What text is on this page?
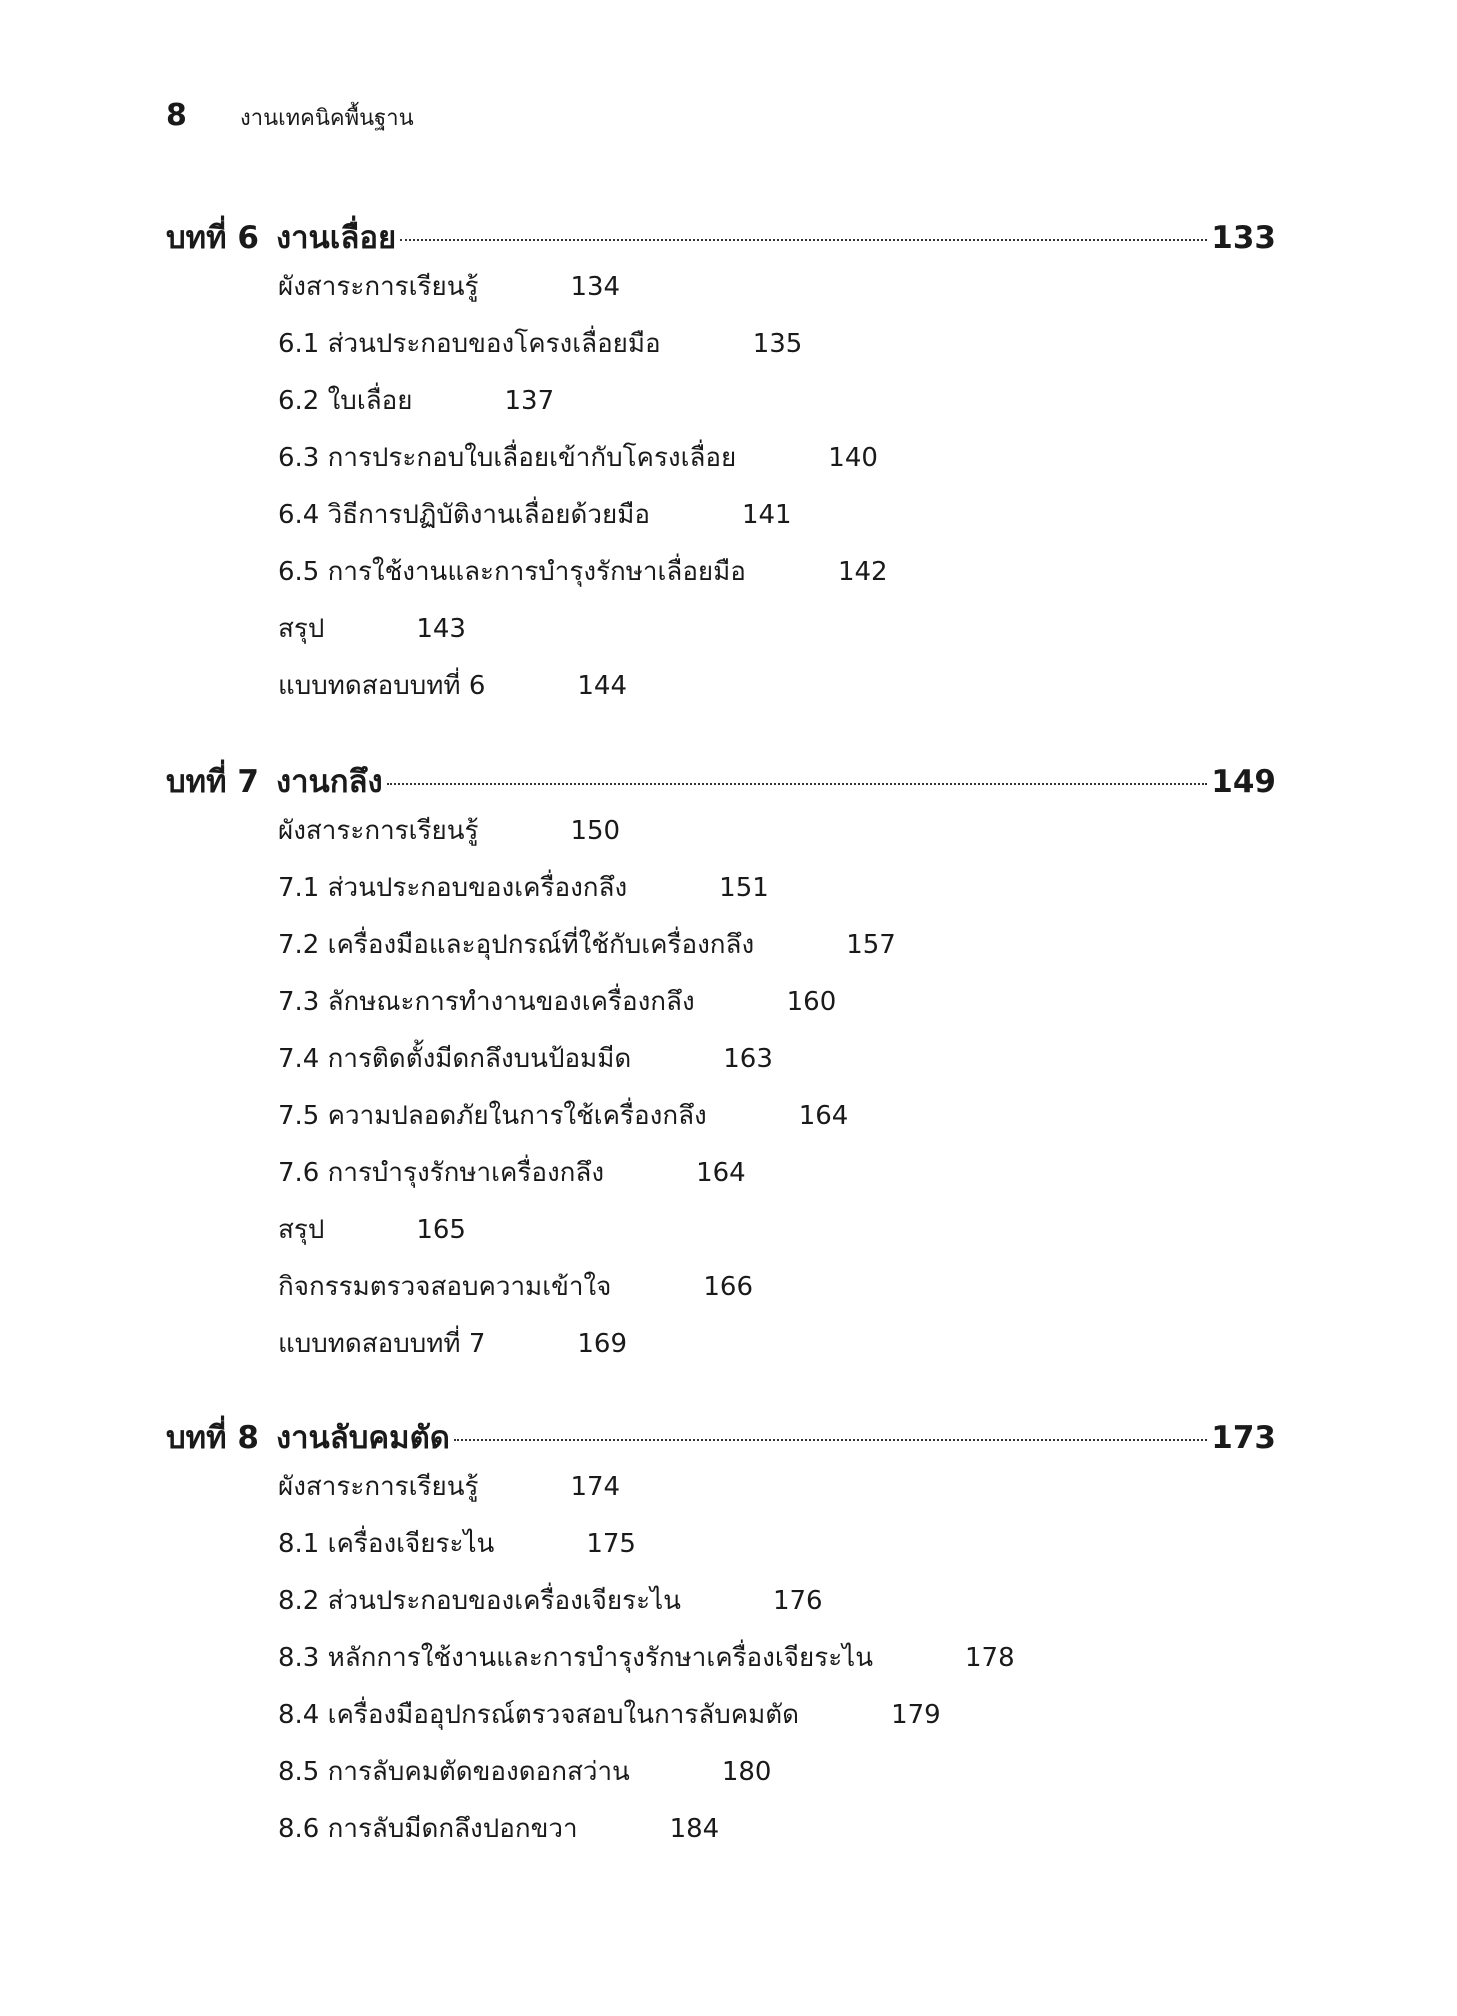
8	งานเทคนิคพื้นฐาน
บทที่ 6 งานเลื่อย	133
ผังสาระการเรียนรู้	134
6.1 ส่วนประกอบของโครงเลื่อยมือ	135
6.2 ใบเลื่อย	137
6.3 การประกอบใบเลื่อยเข้ากับโครงเลื่อย	140
6.4 วิธีการปฏิบัติงานเลื่อยด้วยมือ	141
6.5 การใช้งานและการบำรุงรักษาเลื่อยมือ	142
สรุป	143
แบบทดสอบบทที่ 6	144
บทที่ 7 งานกลึง	149
ผังสาระการเรียนรู้	150
7.1 ส่วนประกอบของเครื่องกลึง	151
7.2 เครื่องมือและอุปกรณ์ที่ใช้กับเครื่องกลึง	157
7.3 ลักษณะการทำงานของเครื่องกลึง	160
7.4 การติดตั้งมีดกลึงบนป้อมมีด	163
7.5 ความปลอดภัยในการใช้เครื่องกลึง	164
7.6 การบำรุงรักษาเครื่องกลึง	164
สรุป	165
กิจกรรมตรวจสอบความเข้าใจ	166
แบบทดสอบบทที่ 7	169
บทที่ 8 งานลับคมตัด	173
ผังสาระการเรียนรู้	174
8.1 เครื่องเจียระไน	175
8.2 ส่วนประกอบของเครื่องเจียระไน	176
8.3 หลักการใช้งานและการบำรุงรักษาเครื่องเจียระไน	178
8.4 เครื่องมืออุปกรณ์ตรวจสอบในการลับคมตัด	179
8.5 การลับคมตัดของดอกสว่าน	180
8.6 การลับมีดกลึงปอกขวา	184
